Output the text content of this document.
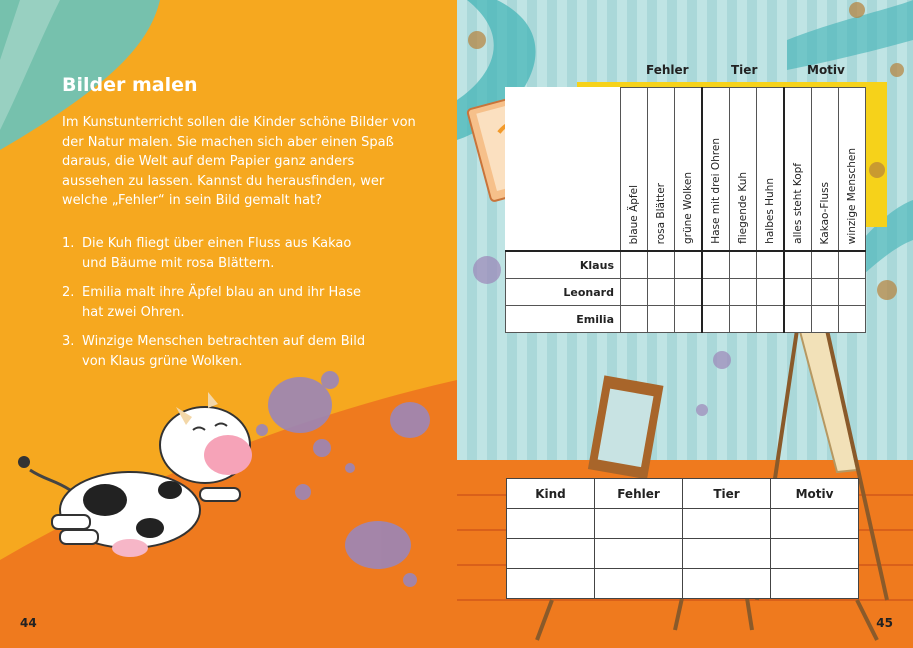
Bilder malen

Im Kunstunterricht sollen die Kinder schöne Bilder von der Natur malen. Sie machen sich aber einen Spaß daraus, die Welt auf dem Papier ganz anders aussehen zu lassen. Kannst du herausfinden, wer welche „Fehler“ in sein Bild gemalt hat?

1. Die Kuh fliegt über einen Fluss aus Kakao und Bäume mit rosa Blättern.
2. Emilia malt ihre Äpfel blau an und ihr Hase hat zwei Ohren.
3. Winzige Menschen betrachten auf dem Bild von Klaus grüne Wolken.
44	45
Fehler	Tier	Motiv

	blaue Äpfel	rosa Blätter	grüne Wolken	Hase mit drei Ohren	fliegende Kuh	halbes Huhn	alles steht Kopf	Kakao-Fluss	winzige Menschen

Klaus									
Leonard									
Emilia									
Kind	Fehler	Tier	Motiv
